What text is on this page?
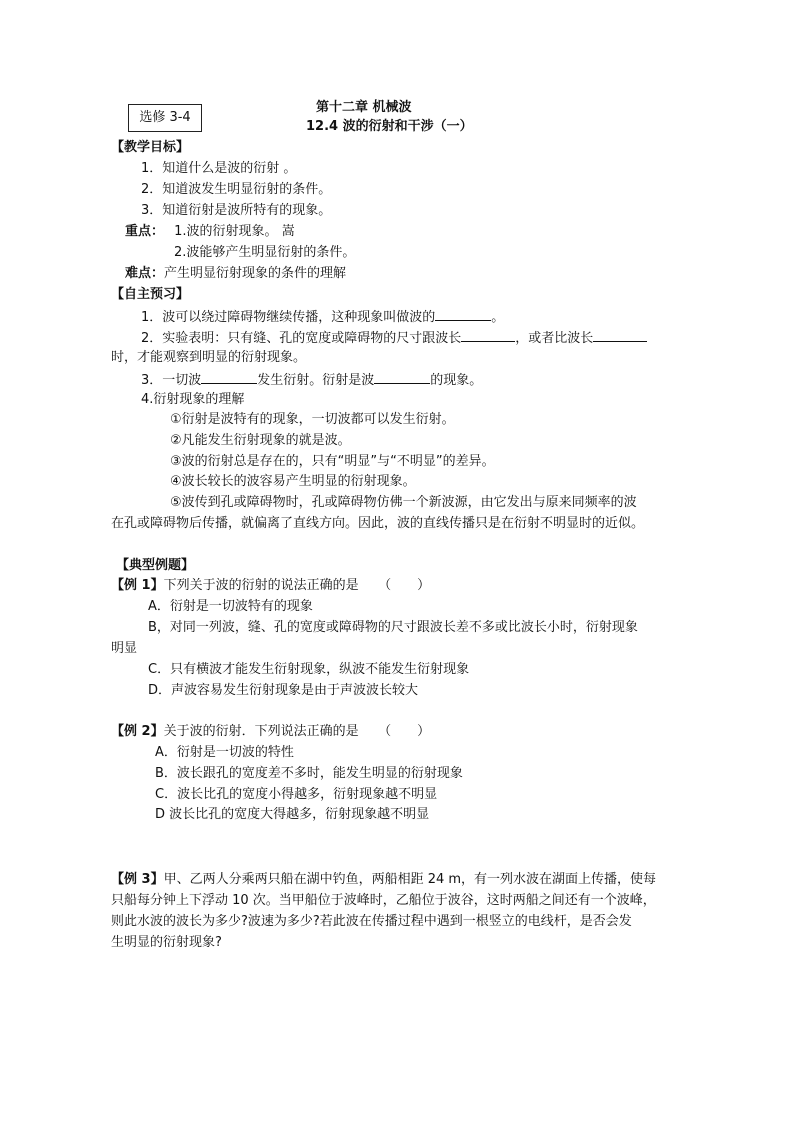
选修 3-4
第十二章 机械波
12.4 波的衍射和干涉（一）
【教学目标】
1．知道什么是波的衍射 。
2．知道波发生明显衍射的条件。
3．知道衍射是波所特有的现象。
重点： 1.波的衍射现象。 嵩
2.波能够产生明显衍射的条件。
难点：产生明显衍射现象的条件的理解
【自主预习】
1．波可以绕过障碍物继续传播，这种现象叫做波的	。
2．实验表明：只有缝、孔的宽度或障碍物的尺寸跟波长	，或者比波长
时，才能观察到明显的衍射现象。
3．一切波	发生衍射。衍射是波	的现象。
4.衍射现象的理解
①衍射是波特有的现象，一切波都可以发生衍射。
②凡能发生衍射现象的就是波。
③波的衍射总是存在的，只有“明显”与“不明显”的差异。
④波长较长的波容易产生明显的衍射现象。
⑤波传到孔或障碍物时，孔或障碍物仿佛一个新波源，由它发出与原来同频率的波
在孔或障碍物后传播，就偏离了直线方向。因此，波的直线传播只是在衍射不明显时的近似。
【典型例题】
【例 1】下列关于波的衍射的说法正确的是　　（　　）
A．衍射是一切波特有的现象
B，对同一列波，缝、孔的宽度或障碍物的尺寸跟波长差不多或比波长小时，衍射现象
明显
C．只有横波才能发生衍射现象，纵波不能发生衍射现象
D．声波容易发生衍射现象是由于声波波长较大
【例 2】关于波的衍射．下列说法正确的是　　（　　）
A．衍射是一切波的特性
B．波长跟孔的宽度差不多时，能发生明显的衍射现象
C．波长比孔的宽度小得越多，衍射现象越不明显
D 波长比孔的宽度大得越多，衍射现象越不明显
【例 3】甲、乙两人分乘两只船在湖中钓鱼，两船相距 24 m，有一列水波在湖面上传播，使每
只船每分钟上下浮动 10 次。当甲船位于波峰时，乙船位于波谷，这时两船之间还有一个波峰，
则此水波的波长为多少?波速为多少?若此波在传播过程中遇到一根竖立的电线杆，是否会发
生明显的衍射现象?
